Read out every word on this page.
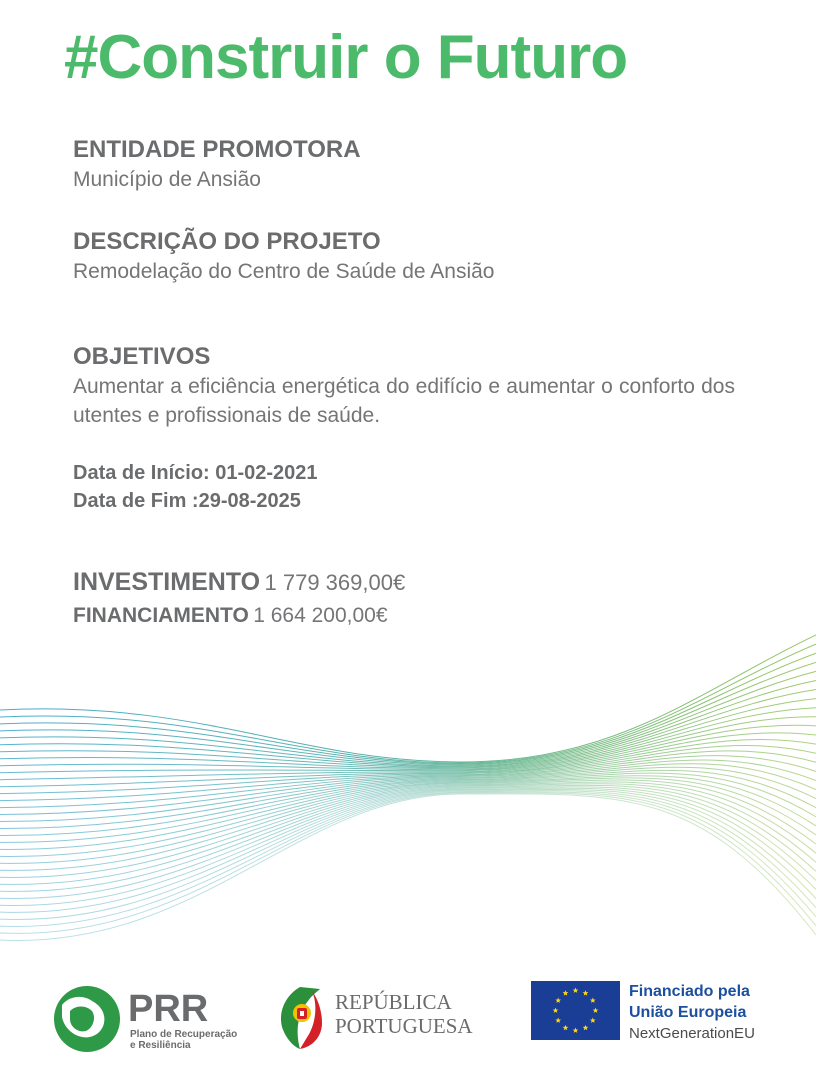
#Construir o Futuro
ENTIDADE PROMOTORA
Município de Ansião
DESCRIÇÃO DO PROJETO
Remodelação do Centro de Saúde de Ansião
OBJETIVOS
Aumentar a eficiência energética do edifício e aumentar o conforto dos utentes e profissionais de saúde.
Data de Início: 01-02-2021
Data de Fim :29-08-2025
INVESTIMENTO 1 779 369,00€
FINANCIAMENTO 1 664 200,00€
PRR
Plano de Recuperação
e Resiliência
REPÚBLICA
PORTUGUESA
Financiado pela
União Europeia
NextGenerationEU
